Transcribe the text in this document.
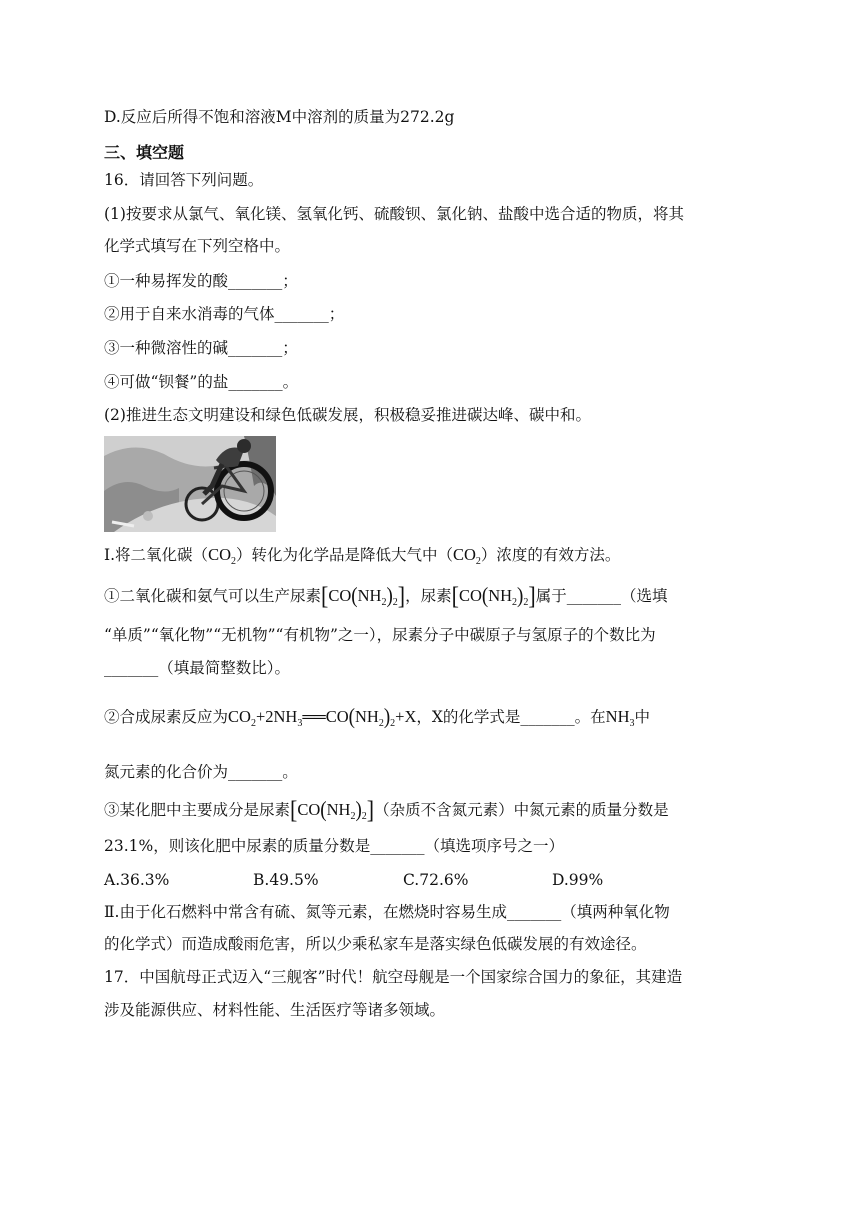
D.反应后所得不饱和溶液M中溶剂的质量为272.2g
三、填空题
16．请回答下列问题。
(1)按要求从氯气、氧化镁、氢氧化钙、硫酸钡、氯化钠、盐酸中选合适的物质，将其
化学式填写在下列空格中。
①一种易挥发的酸_______；
②用于自来水消毒的气体_______；
③一种微溶性的碱_______；
④可做“钡餐”的盐_______。
(2)推进生态文明建设和绿色低碳发展，积极稳妥推进碳达峰、碳中和。
Ⅰ.将二氧化碳$(CO_2)$转化为化学品是降低大气中$(CO_2)$浓度的有效方法。
①二氧化碳和氨气可以生产尿素$[CO(NH_2)_2]$，尿素$[CO(NH_2)_2]$属于_______（选填
“单质”“氧化物”“无机物”“有机物”之一），尿素分子中碳原子与氢原子的个数比为
_______（填最简整数比）。
②合成尿素反应为$CO_2+2NH_3══CO(NH_2)_2+X$，X的化学式是_______。在$NH_3$中
氮元素的化合价为_______。
③某化肥中主要成分是尿素$[CO(NH_2)_2]$（杂质不含氮元素）中氮元素的质量分数是
23.1%，则该化肥中尿素的质量分数是_______（填选项序号之一）
A.36.3%	B.49.5%	C.72.6%	D.99%
Ⅱ.由于化石燃料中常含有硫、氮等元素，在燃烧时容易生成_______（填两种氧化物
的化学式）而造成酸雨危害，所以少乘私家车是落实绿色低碳发展的有效途径。
17．中国航母正式迈入“三舰客”时代！航空母舰是一个国家综合国力的象征，其建造
涉及能源供应、材料性能、生活医疗等诸多领域。
